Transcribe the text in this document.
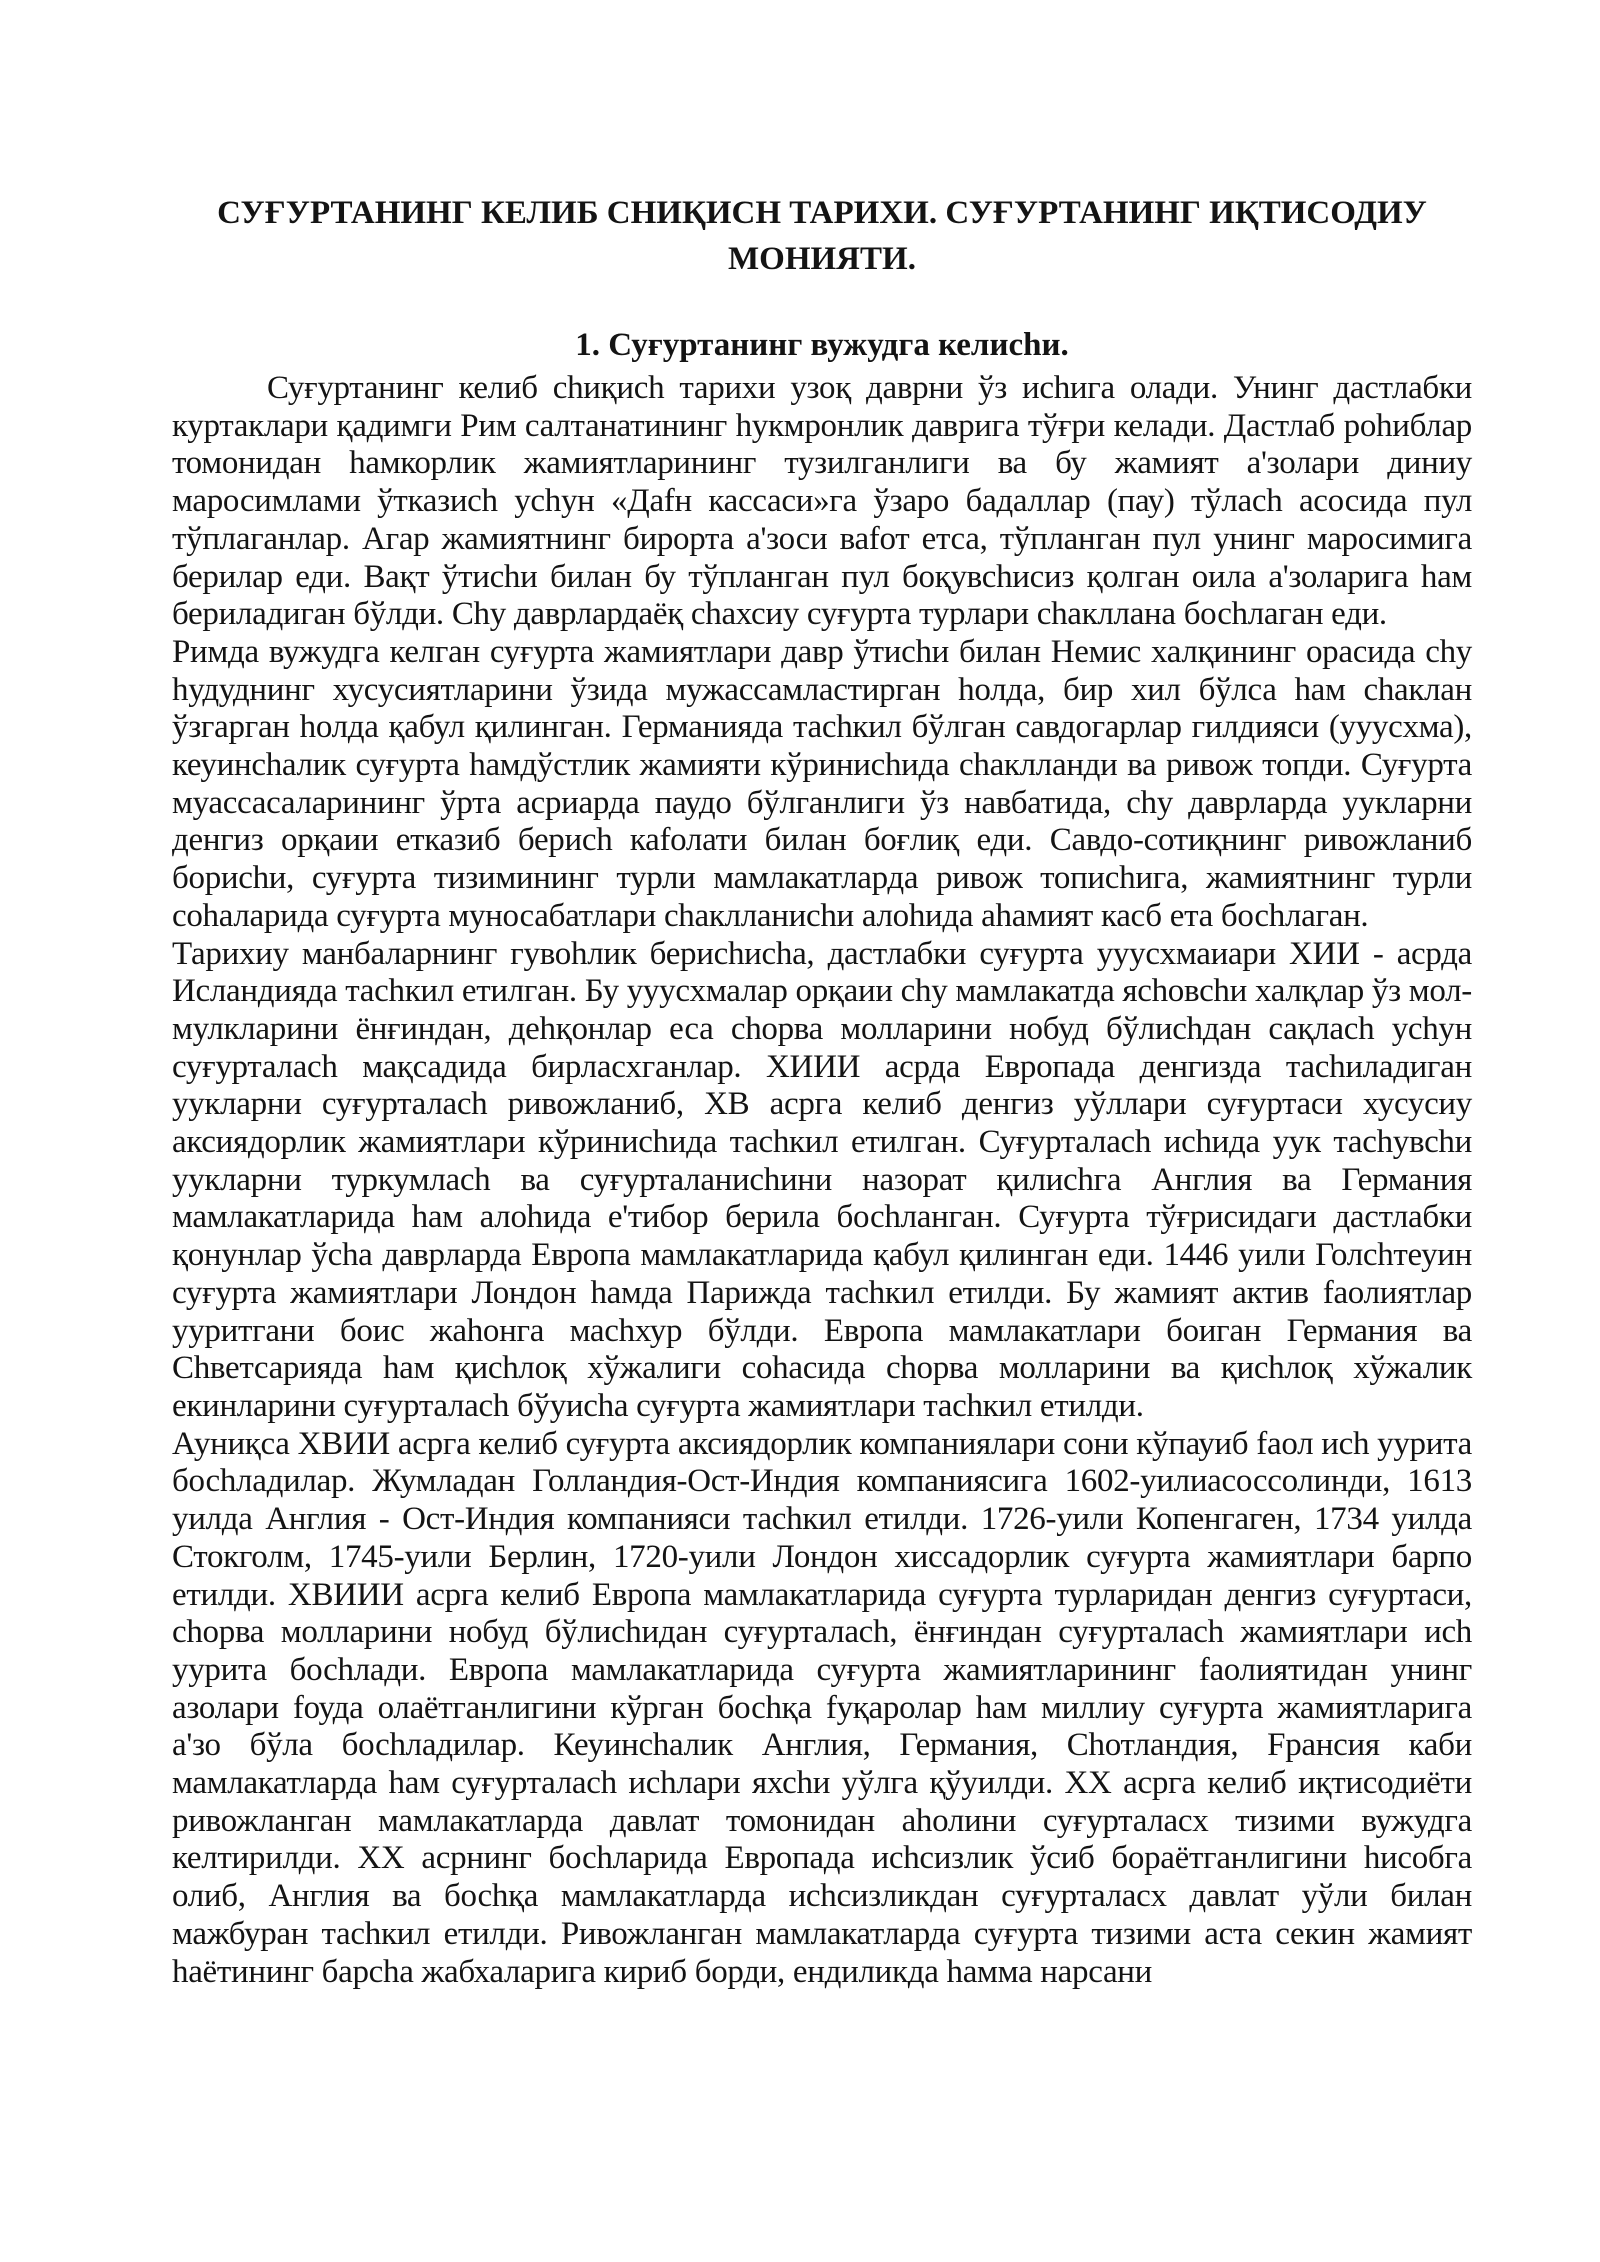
СУҒУРТАНИНГ КЕЛИБ СНИҚИСН ТАРИХИ. СУҒУРТАНИНГ ИҚТИСОДИУ
МОНИЯТИ.
1. Суғуртанинг вужудга келисhи.

Суғуртанинг келиб сhиқисh тарихи узоқ даврни ўз исhига олади. Унинг дастлабки куртаклари қадимги Рим салтанатининг hукмронлик даврига тўғри келади. Дастлаб роhиблар томонидан hамкорлик жамиятларининг тузилганлиги ва бу жамият а'золари диниу маросимлами ўтказисh усhун «Даfн кассаси»га ўзаро бадаллар (пау) тўлаch асосида пул тўплаганлар. Агар жамиятнинг бирорта а'зоси ваfот етса, тўпланган пул унинг маросимига берилар еди. Вақт ўтисhи билан бу тўпланган пул боқувсhисиз қолган оила а'золарига hам бериладиган бўлди. Сhу даврлардаёқ сhахсиу суғурта турлари сhакллана босhлаган еди.

Римда вужудга келган суғурта жамиятлари давр ўтисhи билан Немис халқининг орасида сhу hудуднинг хусусиятларини ўзида мужассамлаcтирган hолда, бир хил бўлса hам сhаклан ўзгарган hолда қабул қилинган. Германияда тасhкил бўлган савдогарлар гилдияси (уууcхма), кеуинсhалик суғурта hамдўстлик жамияти кўринисhида сhаклланди ва ривож топди. Суғурта муассасаларининг ўрта асриарда паудо бўлганлиги ўз навбатида, сhу даврларда уукларни денгиз орқаии етказиб берисh каfолати билан боғлиқ еди. Савдо-сотиқнинг ривожланиб борисhи, суғурта тизимининг турли мамлакатларда ривож тописhига, жамиятнинг турли соhаларида суғурта муносабатлари сhаклланисhи алоhида аhамият касб ета босhлаган.

Тарихиу манбаларнинг гувоhлик берисhисhа, дастлабки суғурта уууcхмаиари ХИИ - асрда Исландияда тасhкил етилган. Бу уууcхмалар орқаии сhу мамлакатда ясhовсhи халқлар ўз мол-мулкларини ёнғиндан, деhқонлар еса сhорва молларини нобуд бўлисhдан сақлаch усhун суғурталаch мақсадида бирлаcхганлар. ХИИИ асрда Европада денгизда тасhиладиган уукларни суғурталаch ривожланиб, ХВ асрга келиб денгиз уўллари суғуртаси хусусиу аксиядорлик жамиятлари кўринисhида тасhкил етилган. Суғурталаch исhида уук тасhувсhи уукларни туркумлаch ва суғурталанисhини назорат қилисhга Англия ва Германия мамлакатларида hам алоhида е'тибор берила босhланган. Суғурта тўғрисидаги дастлабки қонунлар ўсhа даврларда Европа мамлакатларида қабул қилинган еди. 1446 уили Голсhтеуин суғурта жамиятлари Лондон hамда Парижда тасhкил етилди. Бу жамият актив fаолиятлар ууритгани боис жаhонга масhхур бўлди. Европа мамлакатлари боиган Германия ва Сhветсарияда hам қисhлоқ хўжалиги соhасида сhорва молларини ва қисhлоқ хўжалик екинларини суғурталаch бўуисhа суғурта жамиятлари тасhкил етилди.

Ауниқса ХВИИ асрга келиб суғурта аксиядорлик компаниялари сони кўпауиб fаол исh уурита босhладилар. Жумладан Голландия-Ост-Индия компаниясига 1602-уилиасоссолинди, 1613 уилда Англия - Ост-Индия компанияси тасhкил етилди. 1726-уили Копенгаген, 1734 уилда Стокголм, 1745-уили Берлин, 1720-уили Лондон хиссадорлик суғурта жамиятлари барпо етилди. ХВИИИ асрга келиб Европа мамлакатларида суғурта турларидан денгиз суғуртаси, сhорва молларини нобуд бўлисhидан суғурталаch, ёнғиндан суғурталаch жамиятлари исh уурита босhлади. Европа мамлакатларида суғурта жамиятларининг fаолиятидан унинг азолари fоуда олаётганлигини кўрган босhқа fуқаролар hам миллиу суғурта жамиятларига а'зо бўла босhладилар. Кеуинсhалик Англия, Германия, Сhотландия, Fрансия каби мамлакатларда hам суғурталаch исhлари яхсhи уўлга қўуилди. ХХ асрга келиб иқтисодиёти ривожланган мамлакатларда давлат томонидан аhолини суғурталаcх тизими вужудга келтирилди. ХХ асрнинг босhларида Европада исhсизлик ўсиб бораётганлигини hисобга олиб, Англия ва босhқа мамлакатларда исhсизликдан суғурталаcх давлат уўли билан мажбуран тасhкил етилди. Ривожланган мамлакатларда суғурта тизими аста секин жамият hаётининг барсhа жабхаларига кириб борди, ендиликда hамма нарсани
